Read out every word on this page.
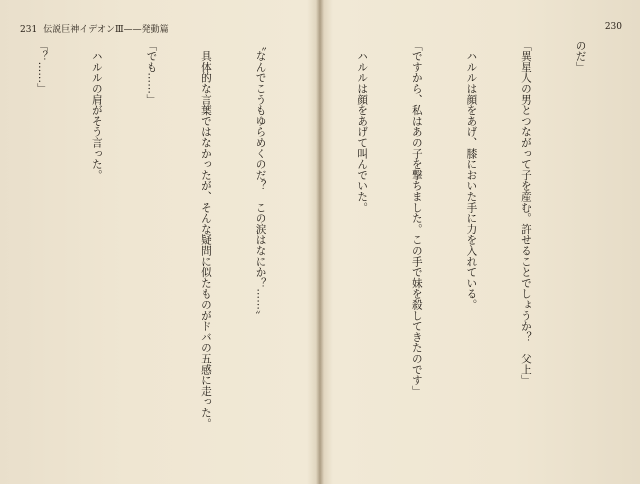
231 伝説巨神イデオンⅢ——発動篇

〝なんでこうもゆらめくのだ？　この涙はなにか？……〟

　具体的な言葉ではなかったが、そんな疑問に似たものがドバの五感に走った。

「でも……」

　ハルルの肩がそう言った。

「？……」

230

のだ」

「異星人の男とつながって子を産む。許せることでしょうか？　父上」

　ハルルは顔をあげ、膝においた手に力を入れている。

「ですから、私はあの子を撃ちました。この手で妹を殺してきたのです」

　ハルルは顔をあげて叫んでいた。
